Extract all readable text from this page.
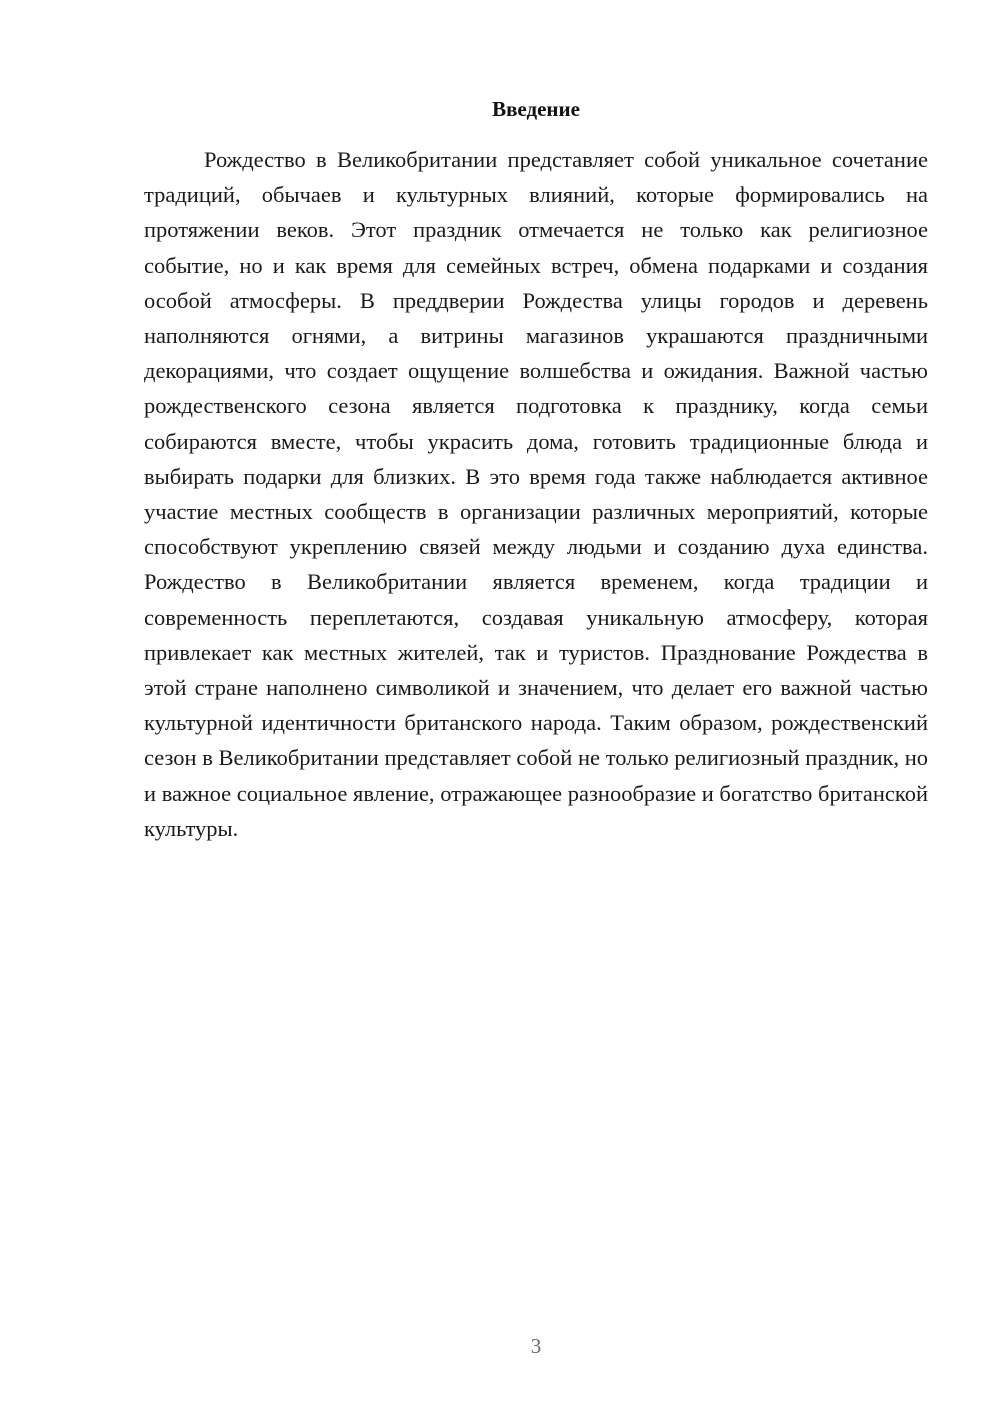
Введение

Рождество в Великобритании представляет собой уникальное сочетание традиций, обычаев и культурных влияний, которые формировались на протяжении веков. Этот праздник отмечается не только как религиозное событие, но и как время для семейных встреч, обмена подарками и создания особой атмосферы. В преддверии Рождества улицы городов и деревень наполняются огнями, а витрины магазинов украшаются праздничными декорациями, что создает ощущение волшебства и ожидания. Важной частью рождественского сезона является подготовка к празднику, когда семьи собираются вместе, чтобы украсить дома, готовить традиционные блюда и выбирать подарки для близких. В это время года также наблюдается активное участие местных сообществ в организации различных мероприятий, которые способствуют укреплению связей между людьми и созданию духа единства. Рождество в Великобритании является временем, когда традиции и современность переплетаются, создавая уникальную атмосферу, которая привлекает как местных жителей, так и туристов. Празднование Рождества в этой стране наполнено символикой и значением, что делает его важной частью культурной идентичности британского народа. Таким образом, рождественский сезон в Великобритании представляет собой не только религиозный праздник, но и важное социальное явление, отражающее разнообразие и богатство британской культуры.

3
